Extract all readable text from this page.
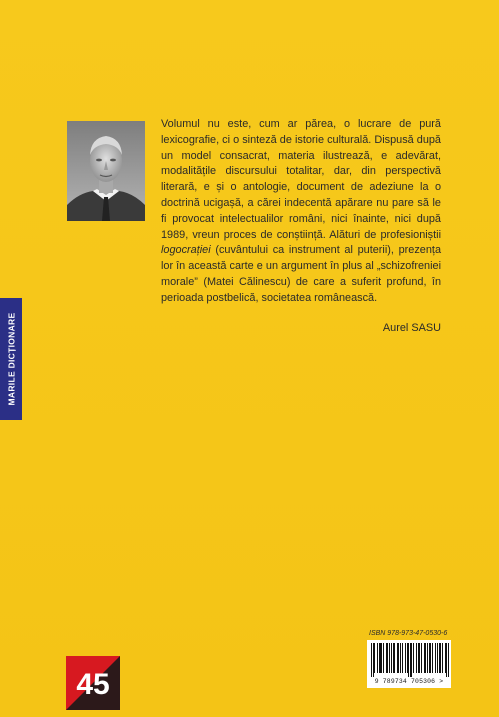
MARILE DICȚIONARE

Volumul nu este, cum ar părea, o lucrare de pură lexicografie, ci o sinteză de istorie culturală. Dispusă după un model consacrat, materia ilustrează, e adevărat, modalitățile discursului totalitar, dar, din perspectivă literară, e și o antologie, document de adeziune la o doctrină ucigașă, a cărei indecentă apărare nu pare să le fi provocat intelectualilor români, nici înainte, nici după 1989, vreun proces de conștiință. Alături de profesioniștii logocrației (cuvântului ca instrument al puterii), prezența lor în această carte e un argument în plus al „schizofreniei morale” (Matei Călinescu) de care a suferit profund, în perioada postbelică, societatea românească.

Aurel SASU
ISBN 978-973-47-0530-6
9 789734 705306 >
45
